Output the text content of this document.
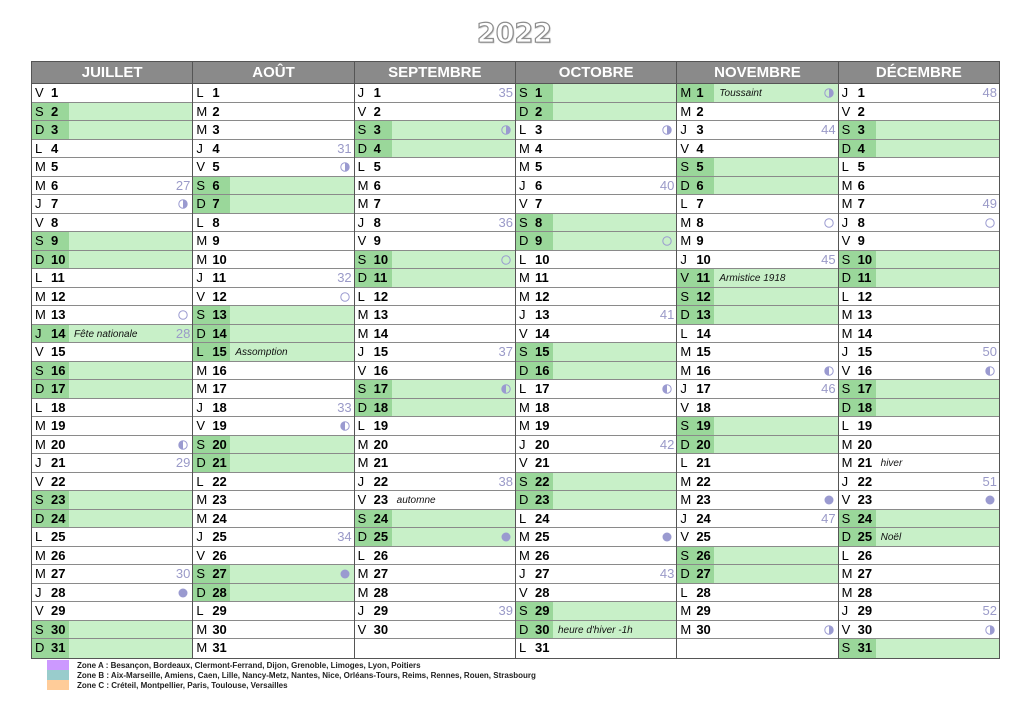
2022
JUILLET
V 1
S 2
D 3
L 4
M 5
M 6	27
J 7
V 8
S 9
D 10
L 11
M 12
M 13
J 14 Fête nationale	28
V 15
S 16
D 17
L 18
M 19
M 20
J 21	29
V 22
S 23
D 24
L 25
M 26
M 27	30
J 28
V 29
S 30
D 31
AOÛT
L 1
M 2
M 3
J 4	31
V 5
S 6
D 7
L 8
M 9
M 10
J 11	32
V 12
S 13
D 14
L 15 Assomption
M 16
M 17
J 18	33
V 19
S 20
D 21
L 22
M 23
M 24
J 25	34
V 26
S 27
D 28
L 29
M 30
M 31
SEPTEMBRE
J 1	35
V 2
S 3
D 4
L 5
M 6
M 7
J 8	36
V 9
S 10
D 11
L 12
M 13
M 14
J 15	37
V 16
S 17
D 18
L 19
M 20
M 21
J 22	38
V 23 automne
S 24
D 25
L 26
M 27
M 28
J 29	39
V 30
OCTOBRE
S 1
D 2
L 3
M 4
M 5
J 6	40
V 7
S 8
D 9
L 10
M 11
M 12
J 13	41
V 14
S 15
D 16
L 17
M 18
M 19
J 20	42
V 21
S 22
D 23
L 24
M 25
M 26
J 27	43
V 28
S 29
D 30 heure d'hiver -1h
L 31
NOVEMBRE
M 1	Toussaint
M 2
J 3	44
V 4
S 5
D 6
L 7
M 8
M 9
J 10	45
V 11 Armistice 1918
S 12
D 13
L 14
M 15
M 16
J 17	46
V 18
S 19
D 20
L 21
M 22
M 23
J 24	47
V 25
S 26
D 27
L 28
M 29
M 30
DÉCEMBRE
J 1	48
V 2
S 3
D 4
L 5
M 6
M 7	49
J 8
V 9
S 10
D 11
L 12
M 13
M 14
J 15	50
V 16
S 17
D 18
L 19
M 20
M 21 hiver
J 22	51
V 23
S 24
D 25 Noël
L 26
M 27
M 28
J 29	52
V 30
S 31
Zone A : Besançon, Bordeaux, Clermont-Ferrand, Dijon, Grenoble, Limoges, Lyon, Poitiers
Zone B : Aix-Marseille, Amiens, Caen, Lille, Nancy-Metz, Nantes, Nice, Orléans-Tours, Reims, Rennes, Rouen, Strasbourg
Zone C : Créteil, Montpellier, Paris, Toulouse, Versailles
